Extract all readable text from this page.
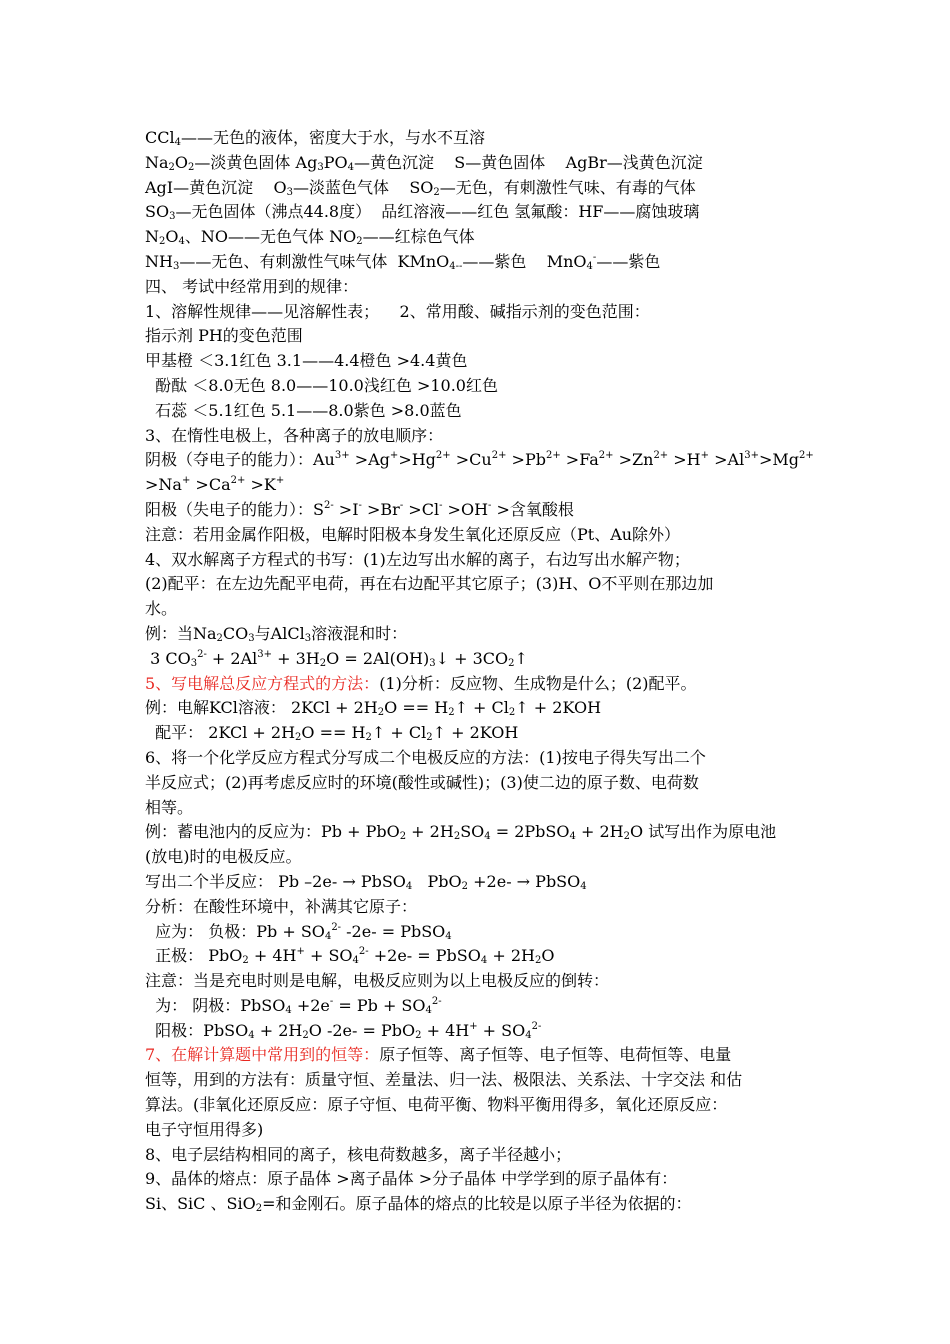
CCl$_4$——无色的液体，密度大于水，与水不互溶
$Na_2O_2—$淡黄色固体 $Ag_3PO_4—$黄色沉淀    S—黄色固体    AgBr—浅黄色沉淀
AgI—黄色沉淀    $O_3—$淡蓝色气体    $SO_2—$无色，有刺激性气味、有毒的气体
$SO_3—$无色固体（沸点44.8度）  品红溶液——红色 氢氟酸：HF——腐蚀玻璃
$N_2O_4$、NO——无色气体 $NO_2——$红棕色气体
$NH_3——$无色、有刺激性气味气体  KMnO$_{4--}$——紫色    MnO$_4$-——紫色
四、 考试中经常用到的规律：
1、溶解性规律——见溶解性表；    2、常用酸、碱指示剂的变色范围：
指示剂 PH的变色范围
甲基橙 ＜3.1红色 3.1——4.4橙色 >4.4黄色
酚酞 ＜8.0无色 8.0——10.0浅红色 >10.0红色
石蕊 ＜5.1红色 5.1——8.0紫色 >8.0蓝色
3、在惰性电极上，各种离子的放电顺序：
阴极（夺电子的能力）：$Au^{3+} >Ag^+>Hg^{2+} >Cu^{2+} >Pb^{2+} >Fa^{2+} >Zn^{2+} >H^+ >Al^{3+}>Mg^{2+}$
$>Na^+ >Ca^{2+} >K^+$
阳极（失电子的能力）：$S^{2-} >I^- >Br^- >Cl^- >OH^-$ >含氧酸根
注意：若用金属作阳极，电解时阳极本身发生氧化还原反应（Pt、Au除外）
4、双水解离子方程式的书写：(1)左边写出水解的离子，右边写出水解产物；
(2)配平：在左边先配平电荷，再在右边配平其它原子；(3)H、O不平则在那边加
水。
例：当$Na_2CO_3$与AlCl$_3$溶液混和时：
3 $CO_3^{2-} + 2Al^{3+} + 3H_2O$ = $2Al(OH)_3↓$ + $3CO_2↑$
5、写电解总反应方程式的方法：(1)分析：反应物、生成物是什么；(2)配平。
例：电解KCl溶液： $2KCl + 2H_2O$ == $H_2↑$ + $Cl_2↑ + 2KOH$
配平： $2KCl + 2H_2O$ == $H_2↑$ + $Cl_2↑ + 2KOH$
6、将一个化学反应方程式分写成二个电极反应的方法：(1)按电子得失写出二个
半反应式；(2)再考虑反应时的环境(酸性或碱性)；(3)使二边的原子数、电荷数
相等。
例：蓄电池内的反应为：$Pb + PbO_2 + 2H_2SO_4$ = 2PbSO$_4$ + $2H_2O$ 试写出作为原电池
(放电)时的电极反应。
写出二个半反应： Pb –2e- → PbSO$_4$   PbO$_2$ +2e- → PbSO$_4$
分析：在酸性环境中，补满其它原子：
应为： 负极：$Pb + SO_4^{2-}$ -2e- = PbSO$_4$
正极： $PbO_2 + 4H^+ + SO_4^{2-} +2e-$ = PbSO$_4$ + $2H_2O$
注意：当是充电时则是电解，电极反应则为以上电极反应的倒转：
为： 阴极：PbSO$_4$ $+2e^- = Pb + SO_4^{2-}$
阳极：PbSO$_4$ + $2H_2O$ $-2e- = PbO_2 + 4H^+ + SO_4^{2-}$
7、在解计算题中常用到的恒等：原子恒等、离子恒等、电子恒等、电荷恒等、电量
恒等，用到的方法有：质量守恒、差量法、归一法、极限法、关系法、十字交法 和估
算法。(非氧化还原反应：原子守恒、电荷平衡、物料平衡用得多，氧化还原反应：
电子守恒用得多)
8、电子层结构相同的离子，核电荷数越多，离子半径越小；
9、晶体的熔点：原子晶体 >离子晶体 >分子晶体 中学学到的原子晶体有：
Si、SiC 、SiO$_2$=和金刚石。原子晶体的熔点的比较是以原子半径为依据的：
